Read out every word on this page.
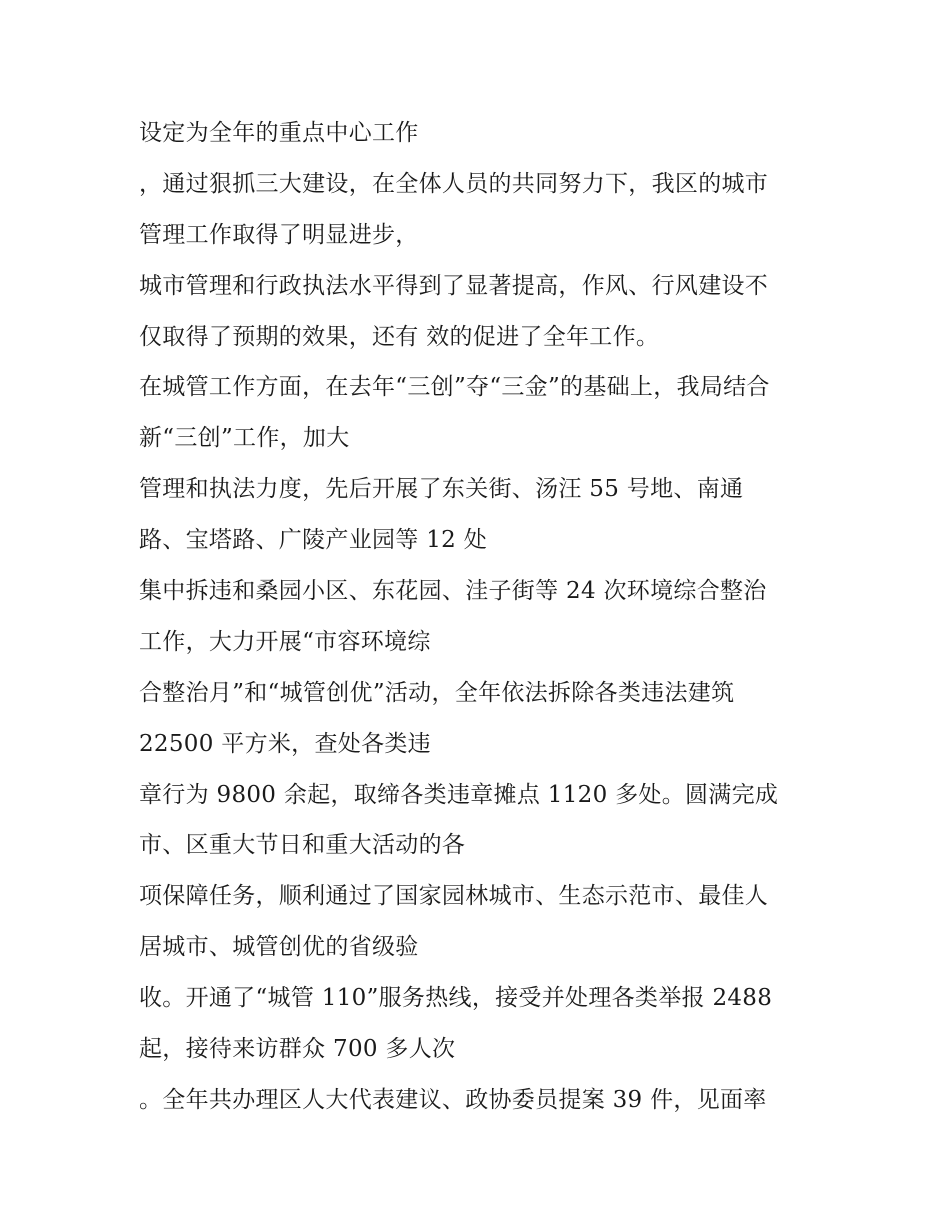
设定为全年的重点中心工作
，通过狠抓三大建设，在全体人员的共同努力下，我区的城市
管理工作取得了明显进步，
城市管理和行政执法水平得到了显著提高，作风、行风建设不
仅取得了预期的效果，还有 效的促进了全年工作。
在城管工作方面，在去年“三创”夺“三金”的基础上，我局结合
新“三创”工作，加大
管理和执法力度，先后开展了东关街、汤汪 55 号地、南通
路、宝塔路、广陵产业园等 12 处
集中拆违和桑园小区、东花园、洼子街等 24 次环境综合整治
工作，大力开展“市容环境综
合整治月”和“城管创优”活动，全年依法拆除各类违法建筑
22500 平方米，查处各类违
章行为 9800 余起，取缔各类违章摊点 1120 多处。圆满完成
市、区重大节日和重大活动的各
项保障任务，顺利通过了国家园林城市、生态示范市、最佳人
居城市、城管创优的省级验
收。开通了“城管 110”服务热线，接受并处理各类举报 2488
起，接待来访群众 700 多人次
。全年共办理区人大代表建议、政协委员提案 39 件，见面率
